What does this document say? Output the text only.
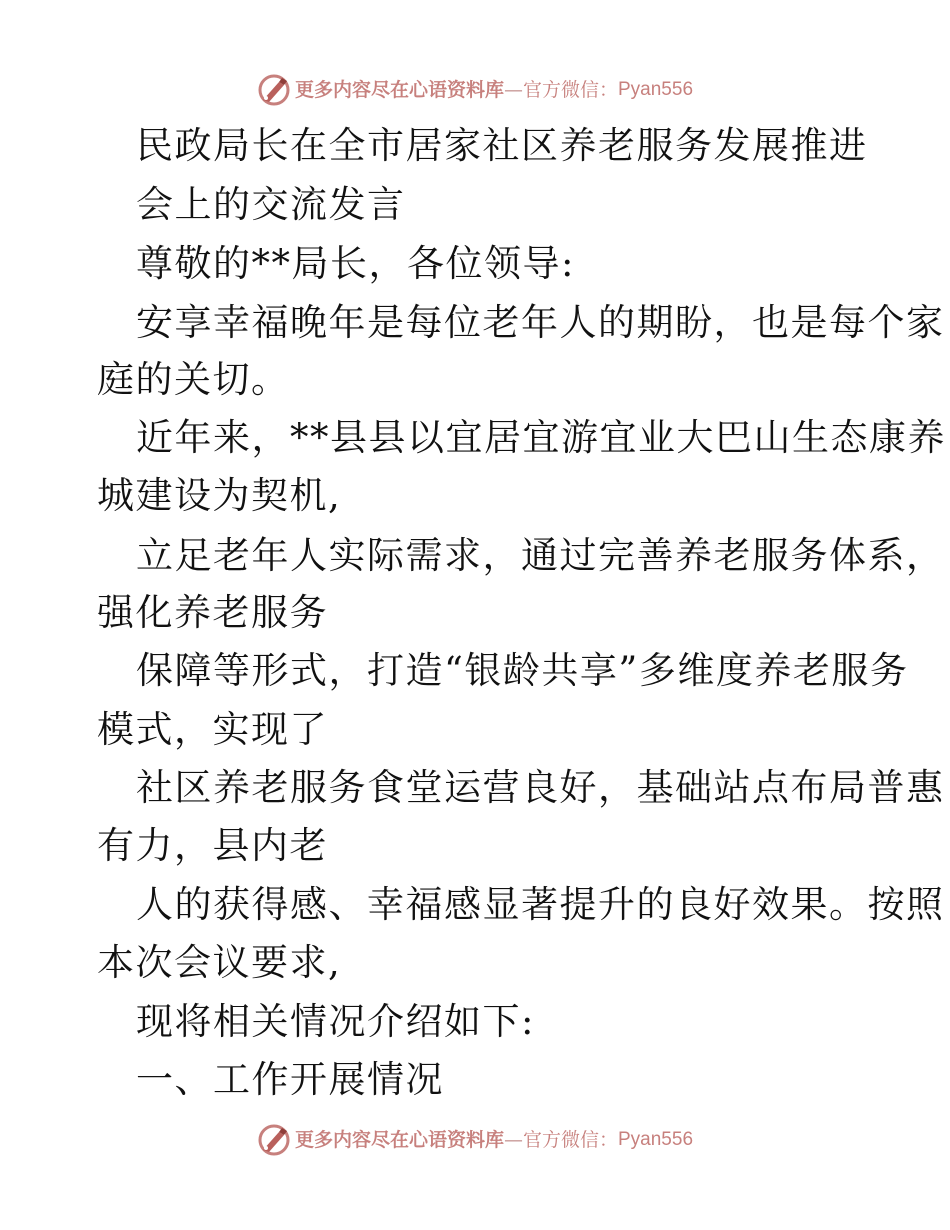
更多内容尽在心语资料库 — 官方微信： Pyan556
民政局长在全市居家社区养老服务发展推进
会上的交流发言
尊敬的**局长，各位领导:
安享幸福晚年是每位老年人的期盼，也是每个家
庭的关切。
近年来，**县县以宜居宜游宜业大巴山生态康养
城建设为契机,
立足老年人实际需求，通过完善养老服务体系，
强化养老服务
保障等形式，打造“银龄共享”多维度养老服务
模式，实现了
社区养老服务食堂运营良好，基础站点布局普惠
有力，县内老
人的获得感、幸福感显著提升的良好效果。按照
本次会议要求,
现将相关情况介绍如下:
一、工作开展情况
更多内容尽在心语资料库 — 官方微信： Pyan556
